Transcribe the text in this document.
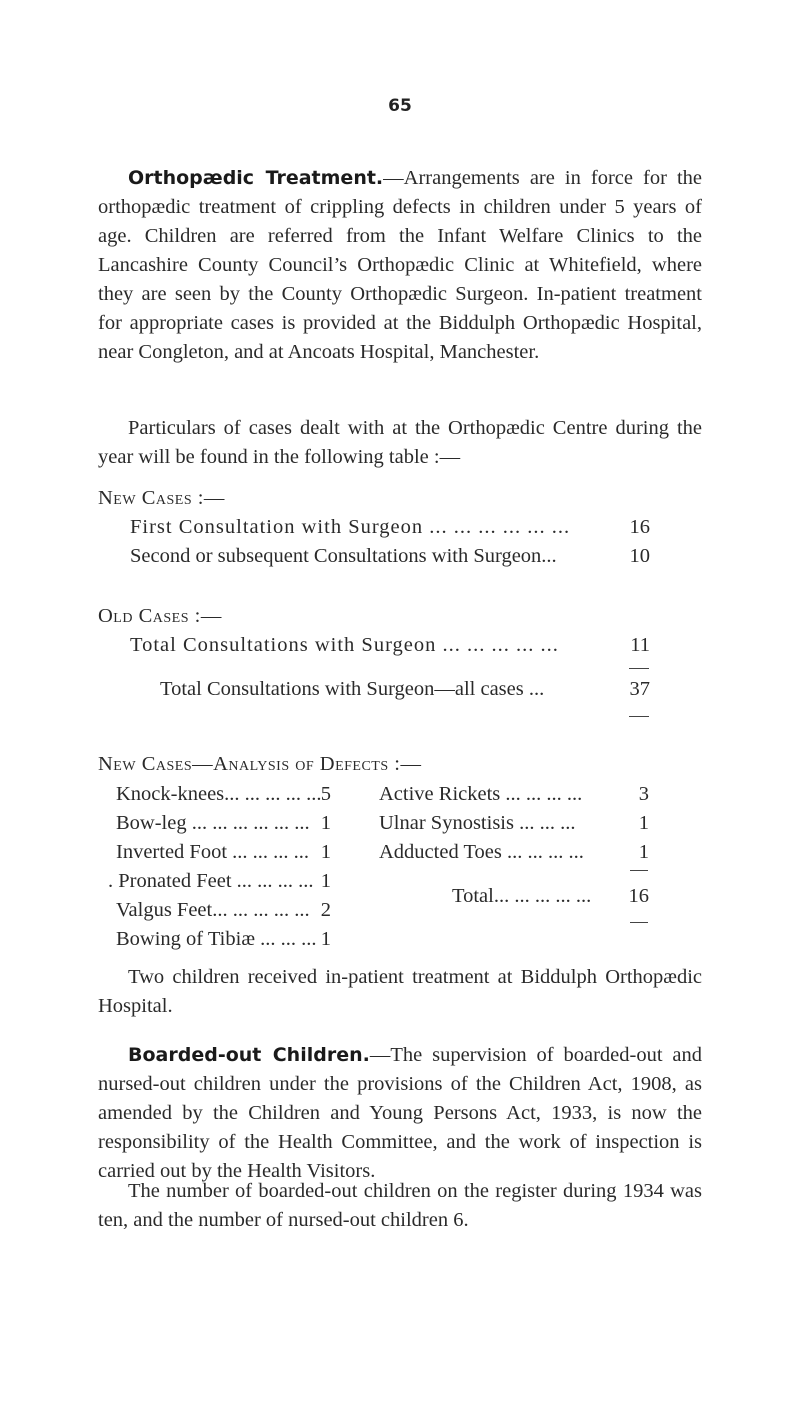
65
Orthopædic Treatment.—Arrangements are in force for the orthopædic treatment of crippling defects in children under 5 years of age. Children are referred from the Infant Welfare Clinics to the Lancashire County Council’s Orthopædic Clinic at Whitefield, where they are seen by the County Orthopædic Surgeon. In-patient treatment for appropriate cases is provided at the Biddulph Orthopædic Hospital, near Congleton, and at Ancoats Hospital, Manchester.
Particulars of cases dealt with at the Orthopædic Centre during the year will be found in the following table :—
New Cases :—
First Consultation with Surgeon ... ... ... ... ... ...	16
Second or subsequent Consultations with Surgeon...	10
Old Cases :—
Total Consultations with Surgeon ... ... ... ... ...	11
Total Consultations with Surgeon—all cases ...	37
New Cases—Analysis of Defects :—
Knock-knees... ... ... ... ... 5
Bow-leg ... ... ... ... ... ... 1
Inverted Foot ... ... ... ... 1
. Pronated Feet ... ... ... ... 1
Valgus Feet... ... ... ... ... 2
Bowing of Tibiæ ... ... ... 1
Active Rickets ... ... ... ...	3
Ulnar Synostisis ... ... ...	1
Adducted Toes ... ... ... ...	1
Total... ... ... ... ... 16
Two children received in-patient treatment at Biddulph Orthopædic Hospital.
Boarded-out Children.—The supervision of boarded-out and nursed-out children under the provisions of the Children Act, 1908, as amended by the Children and Young Persons Act, 1933, is now the responsibility of the Health Committee, and the work of inspection is carried out by the Health Visitors.
The number of boarded-out children on the register during 1934 was ten, and the number of nursed-out children 6.
